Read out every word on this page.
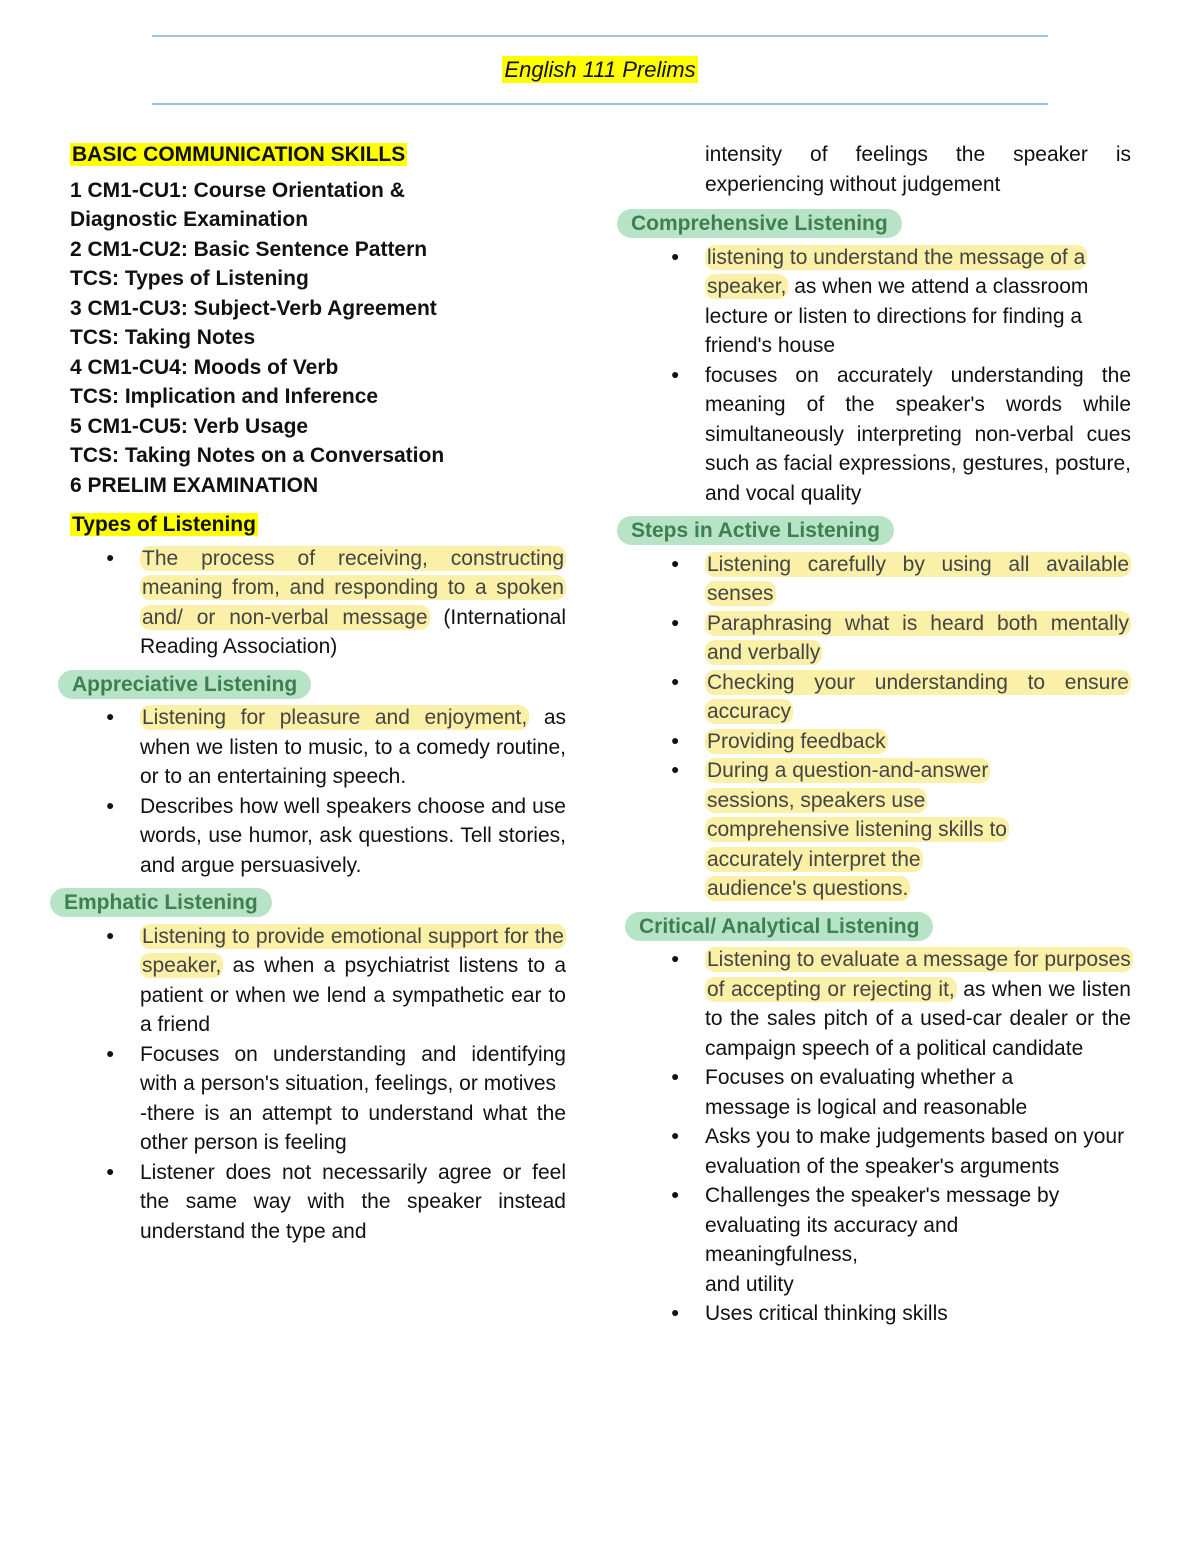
English 111 Prelims

BASIC COMMUNICATION SKILLS

1 CM1-CU1: Course Orientation &
Diagnostic Examination
2 CM1-CU2: Basic Sentence Pattern
TCS: Types of Listening
3 CM1-CU3: Subject-Verb Agreement
TCS: Taking Notes
4 CM1-CU4: Moods of Verb
TCS: Implication and Inference
5 CM1-CU5: Verb Usage
TCS: Taking Notes on a Conversation
6 PRELIM EXAMINATION

Types of Listening

● The process of receiving, constructing meaning from, and responding to a spoken and/ or non-verbal message (International Reading Association)
Appreciative Listening
● Listening for pleasure and enjoyment, as when we listen to music, to a comedy routine, or to an entertaining speech.
● Describes how well speakers choose and use words, use humor, ask questions. Tell stories, and argue persuasively.
Emphatic Listening
● Listening to provide emotional support for the speaker, as when a psychiatrist listens to a patient or when we lend a sympathetic ear to a friend
● Focuses on understanding and identifying with a person's situation, feelings, or motives
-there is an attempt to understand what the other person is feeling
● Listener does not necessarily agree or feel the same way with the speaker instead understand the type and
intensity of feelings the speaker is experiencing without judgement
Comprehensive Listening
● listening to understand the message of a speaker, as when we attend a classroom lecture or listen to directions for finding a friend's house
● focuses on accurately understanding the meaning of the speaker's words while simultaneously interpreting non-verbal cues such as facial expressions, gestures, posture, and vocal quality
Steps in Active Listening
● Listening carefully by using all available senses
● Paraphrasing what is heard both mentally and verbally
● Checking your understanding to ensure accuracy
● Providing feedback
● During a question-and-answer sessions, speakers use comprehensive listening skills to accurately interpret the audience's questions.
Critical/ Analytical Listening
● Listening to evaluate a message for purposes of accepting or rejecting it, as when we listen to the sales pitch of a used-car dealer or the campaign speech of a political candidate
● Focuses on evaluating whether a message is logical and reasonable
● Asks you to make judgements based on your evaluation of the speaker's arguments
● Challenges the speaker's message by evaluating its accuracy and meaningfulness,
and utility
● Uses critical thinking skills
